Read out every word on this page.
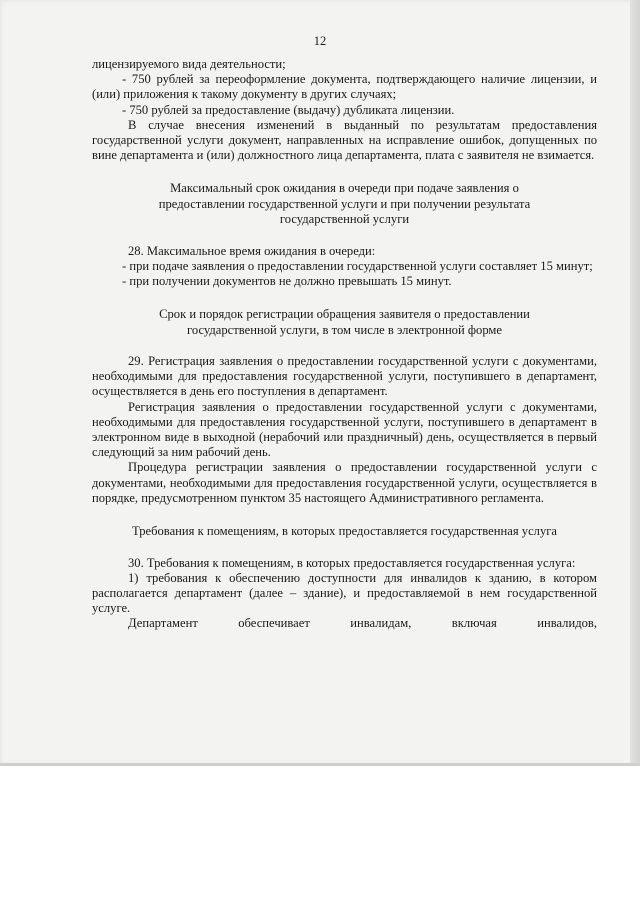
12

лицензируемого вида деятельности;

- 750 рублей за переоформление документа, подтверждающего наличие лицензии, и (или) приложения к такому документу в других случаях;

- 750 рублей за предоставление (выдачу) дубликата лицензии.

В случае внесения изменений в выданный по результатам предоставления государственной услуги документ, направленных на исправление ошибок, допущенных по вине департамента и (или) должностного лица департамента, плата с заявителя не взимается.

Максимальный срок ожидания в очереди при подаче заявления о предоставлении государственной услуги и при получении результата государственной услуги

28. Максимальное время ожидания в очереди:

- при подаче заявления о предоставлении государственной услуги составляет 15 минут;

- при получении документов не должно превышать 15 минут.

Срок и порядок регистрации обращения заявителя о предоставлении государственной услуги, в том числе в электронной форме

29. Регистрация заявления о предоставлении государственной услуги с документами, необходимыми для предоставления государственной услуги, поступившего в департамент, осуществляется в день его поступления в департамент.

Регистрация заявления о предоставлении государственной услуги с документами, необходимыми для предоставления государственной услуги, поступившего в департамент в электронном виде в выходной (нерабочий или праздничный) день, осуществляется в первый следующий за ним рабочий день.

Процедура регистрации заявления о предоставлении государственной услуги с документами, необходимыми для предоставления государственной услуги, осуществляется в порядке, предусмотренном пунктом 35 настоящего Административного регламента.

Требования к помещениям, в которых предоставляется государственная услуга

30. Требования к помещениям, в которых предоставляется государственная услуга:

1) требования к обеспечению доступности для инвалидов к зданию, в котором располагается департамент (далее – здание), и предоставляемой в нем государственной услуге.

Департамент обеспечивает инвалидам, включая инвалидов,
